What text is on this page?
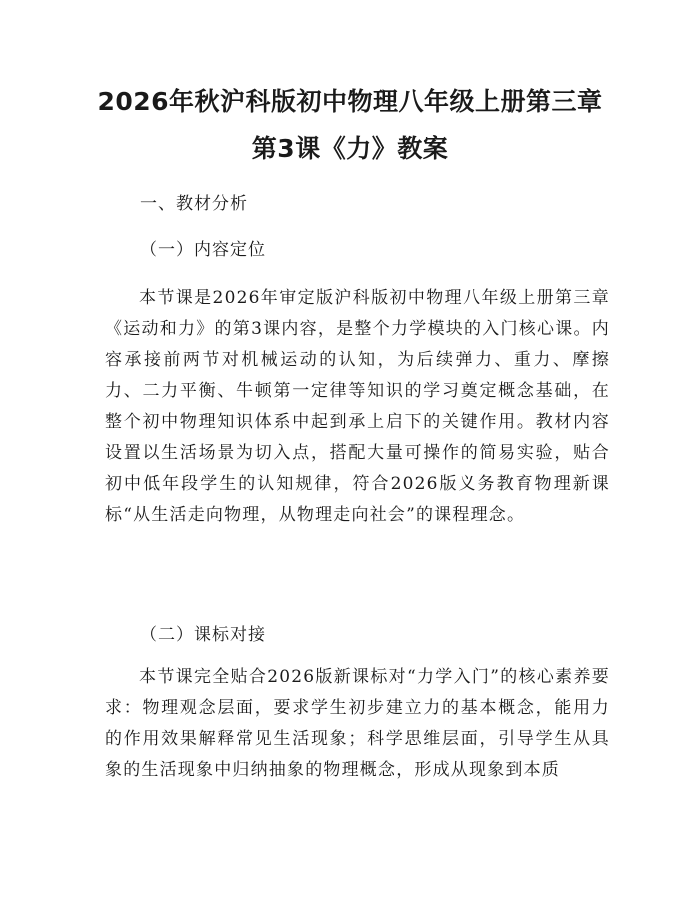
2026年秋沪科版初中物理八年级上册第三章
第3课《力》教案
一、教材分析
（一）内容定位

本节课是2026年审定版沪科版初中物理八年级上册第三章《运动和力》的第3课内容，是整个力学模块的入门核心课。内容承接前两节对机械运动的认知，为后续弹力、重力、摩擦力、二力平衡、牛顿第一定律等知识的学习奠定概念基础，在整个初中物理知识体系中起到承上启下的关键作用。教材内容设置以生活场景为切入点，搭配大量可操作的简易实验，贴合初中低年段学生的认知规律，符合2026版义务教育物理新课标“从生活走向物理，从物理走向社会”的课程理念。

（二）课标对接

本节课完全贴合2026版新课标对“力学入门”的核心素养要求：物理观念层面，要求学生初步建立力的基本概念，能用力的作用效果解释常见生活现象；科学思维层面，引导学生从具象的生活现象中归纳抽象的物理概念，形成从现象到本质
